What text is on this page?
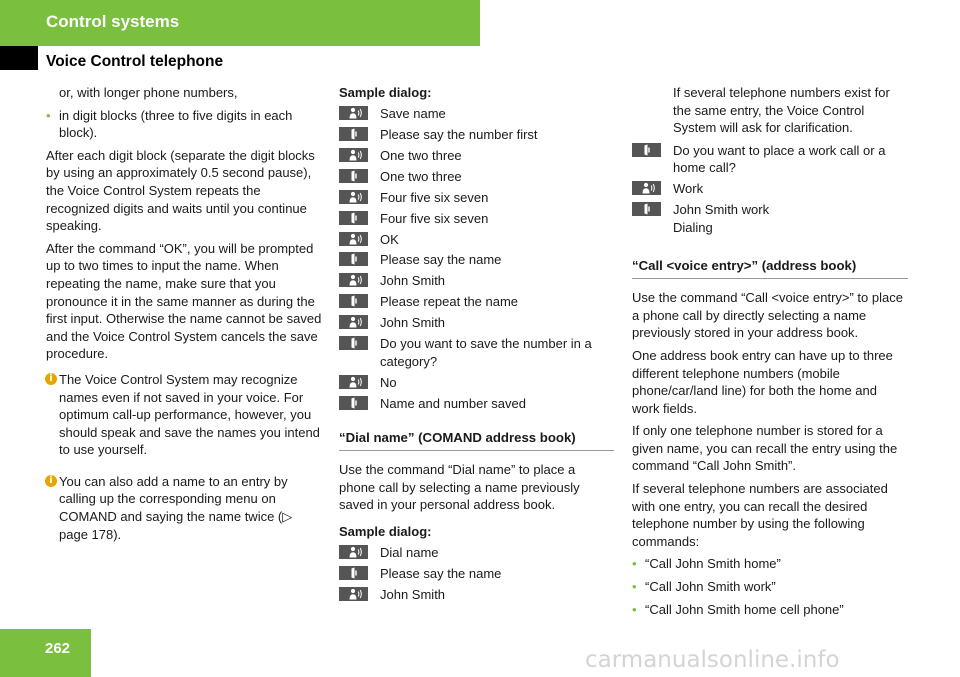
Control systems
Voice Control telephone

or, with longer phone numbers,

• in digit blocks (three to five digits in each block).

After each digit block (separate the digit blocks by using an approximately 0.5 second pause), the Voice Control System repeats the recognized digits and waits until you continue speaking.

After the command “OK”, you will be prompted up to two times to input the name. When repeating the name, make sure that you pronounce it in the same manner as during the first input. Otherwise the name cannot be saved and the Voice Control System cancels the save procedure.

i The Voice Control System may recognize names even if not saved in your voice. For optimum call-up performance, however, you should speak and save the names you intend to use yourself.
i You can also add a name to an entry by calling up the corresponding menu on COMAND and saying the name twice (▷ page 178).

Sample dialog:

Save name
Please say the number first
One two three
One two three
Four five six seven
Four five six seven
OK
Please say the name
John Smith
Please repeat the name
John Smith
Do you want to save the number in a category?
No
Name and number saved
“Dial name” (COMAND address book)

Use the command “Dial name” to place a phone call by selecting a name previously saved in your personal address book.

Sample dialog:

Dial name
Please say the name
John Smith

If several telephone numbers exist for the same entry, the Voice Control System will ask for clarification.

Do you want to place a work call or a home call?
Work
John Smith work
Dialing
“Call <voice entry>” (address book)

Use the command “Call <voice entry>” to place a phone call by directly selecting a name previously stored in your address book.

One address book entry can have up to three different telephone numbers (mobile phone/car/land line) for both the home and work fields.

If only one telephone number is stored for a given name, you can recall the entry using the command “Call John Smith”.

If several telephone numbers are associated with one entry, you can recall the desired telephone number by using the following commands:

• “Call John Smith home”
• “Call John Smith work”
• “Call John Smith home cell phone”
262	carmanualsonline.info
